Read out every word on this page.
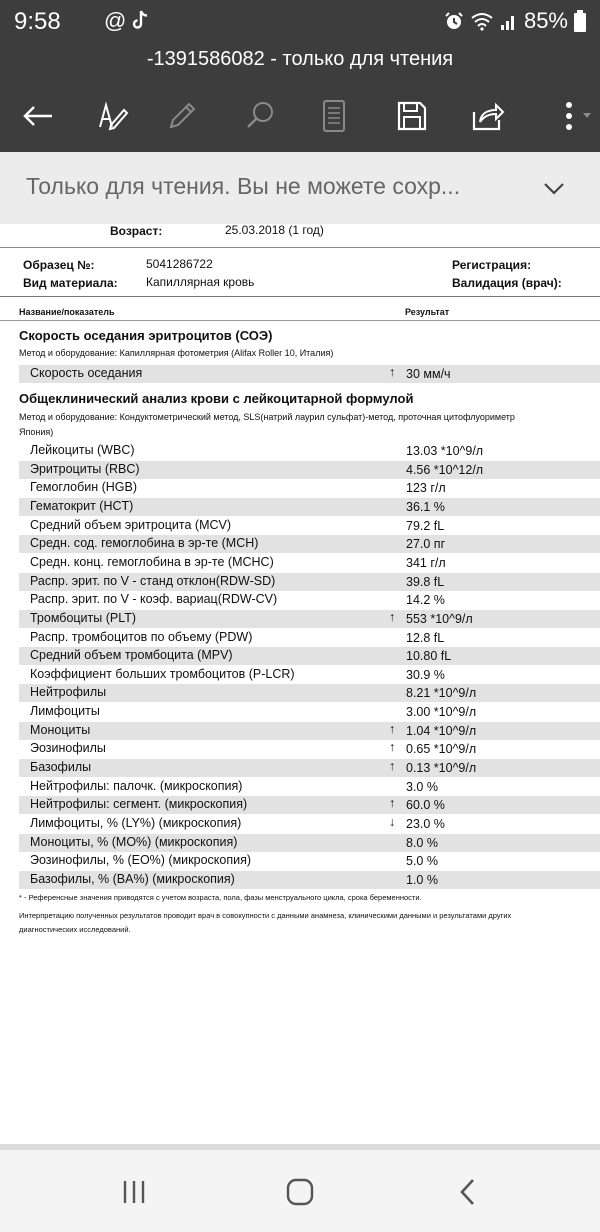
9:58 @	85%
-1391586082 - только для чтения
Только для чтения. Вы не можете сохр...
Возраст:	25.03.2018 (1 год)
Образец №:	5041286722	Регистрация:
Вид материала: Капиллярная кровь	Валидация (врач):
Название/показатель	Результат
Скорость оседания эритроцитов (СОЭ)
Метод и оборудование: Капиллярная фотометрия (Alifax Roller 10, Италия)
Скорость оседания	↑ 30 мм/ч
Общеклинический анализ крови с лейкоцитарной формулой
Метод и оборудование: Кондуктометрический метод, SLS(натрий лаурил сульфат)-метод, проточная цитофлуориметр
Япония)
Лейкоциты (WBC)	13.03 *10^9/л
Эритроциты (RBC)	4.56 *10^12/л
Гемоглобин (HGB)	123 г/л
Гематокрит (HCT)	36.1 %
Средний объем эритроцита (MCV)	79.2 fL
Средн. сод. гемоглобина в эр-те (MCH)	27.0 пг
Средн. конц. гемоглобина в эр-те (MCHC)	341 г/л
Распр. эрит. по V - станд отклон(RDW-SD)	39.8 fL
Распр. эрит. по V - коэф. вариац(RDW-CV)	14.2 %
Тромбоциты (PLT)	↑ 553 *10^9/л
Распр. тромбоцитов по объему (PDW)	12.8 fL
Средний объем тромбоцита (MPV)	10.80 fL
Коэффициент больших тромбоцитов (P-LCR)	30.9 %
Нейтрофилы	8.21 *10^9/л
Лимфоциты	3.00 *10^9/л
Моноциты	↑ 1.04 *10^9/л
Эозинофилы	↑ 0.65 *10^9/л
Базофилы	↑ 0.13 *10^9/л
Нейтрофилы: палочк. (микроскопия)	3.0 %
Нейтрофилы: сегмент. (микроскопия)	↑ 60.0 %
Лимфоциты, % (LY%) (микроскопия)	↓ 23.0 %
Моноциты, % (MO%) (микроскопия)	8.0 %
Эозинофилы, % (EO%) (микроскопия)	5.0 %
Базофилы, % (BA%) (микроскопия)	1.0 %
* - Референсные значения приводятся с учетом возраста, пола, фазы менструального цикла, срока беременности.
Интерпретацию полученных результатов проводит врач в совокупности с данными анамнеза, клиническими данными и результатами других
диагностических исследований.
